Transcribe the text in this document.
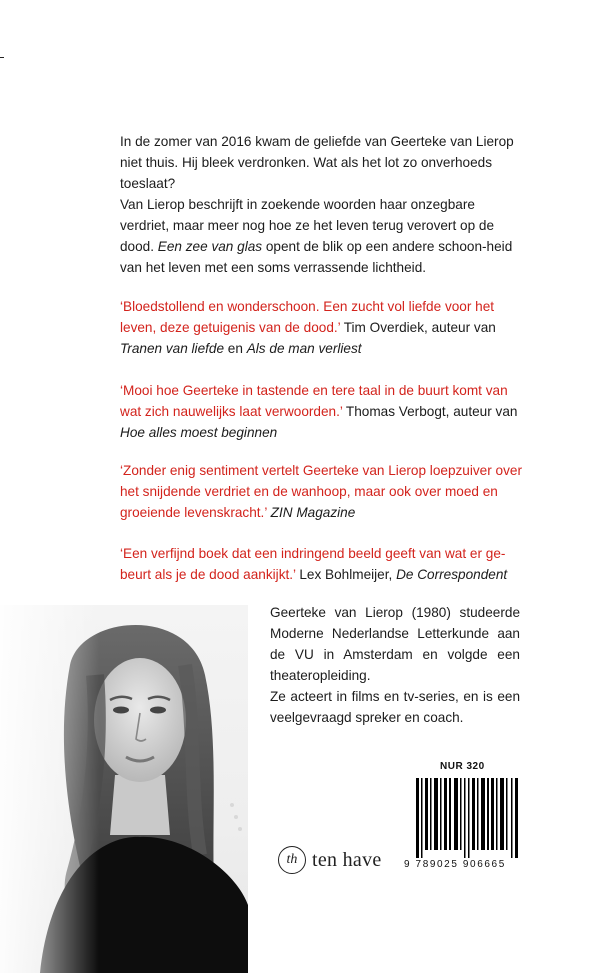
In de zomer van 2016 kwam de geliefde van Geerteke van Lierop niet thuis. Hij bleek verdronken. Wat als het lot zo onverhoeds toeslaat?

Van Lierop beschrijft in zoekende woorden haar onzegbare verdriet, maar meer nog hoe ze het leven terug verovert op de dood. Een zee van glas opent de blik op een andere schoon-heid van het leven met een soms verrassende lichtheid.

‘Bloedstollend en wonderschoon. Een zucht vol liefde voor het leven, deze getuigenis van de dood.’ Tim Overdiek, auteur van Tranen van liefde en Als de man verliest
‘Mooi hoe Geerteke in tastende en tere taal in de buurt komt van wat zich nauwelijks laat verwoorden.’ Thomas Verbogt, auteur van Hoe alles moest beginnen
‘Zonder enig sentiment vertelt Geerteke van Lierop loepzuiver over het snijdende verdriet en de wanhoop, maar ook over moed en groeiende levenskracht.’ ZIN Magazine
‘Een verfijnd boek dat een indringend beeld geeft van wat er ge-beurt als je de dood aankijkt.’ Lex Bohlmeijer, De Correspondent

Geerteke van Lierop (1980) studeerde Moderne Nederlandse Letterkunde aan de VU in Amsterdam en volgde een theateropleiding.

Ze acteert in films en tv-series, en is een veelgevraagd spreker en coach.

NUR 320
9 789025 906665
th ten have
